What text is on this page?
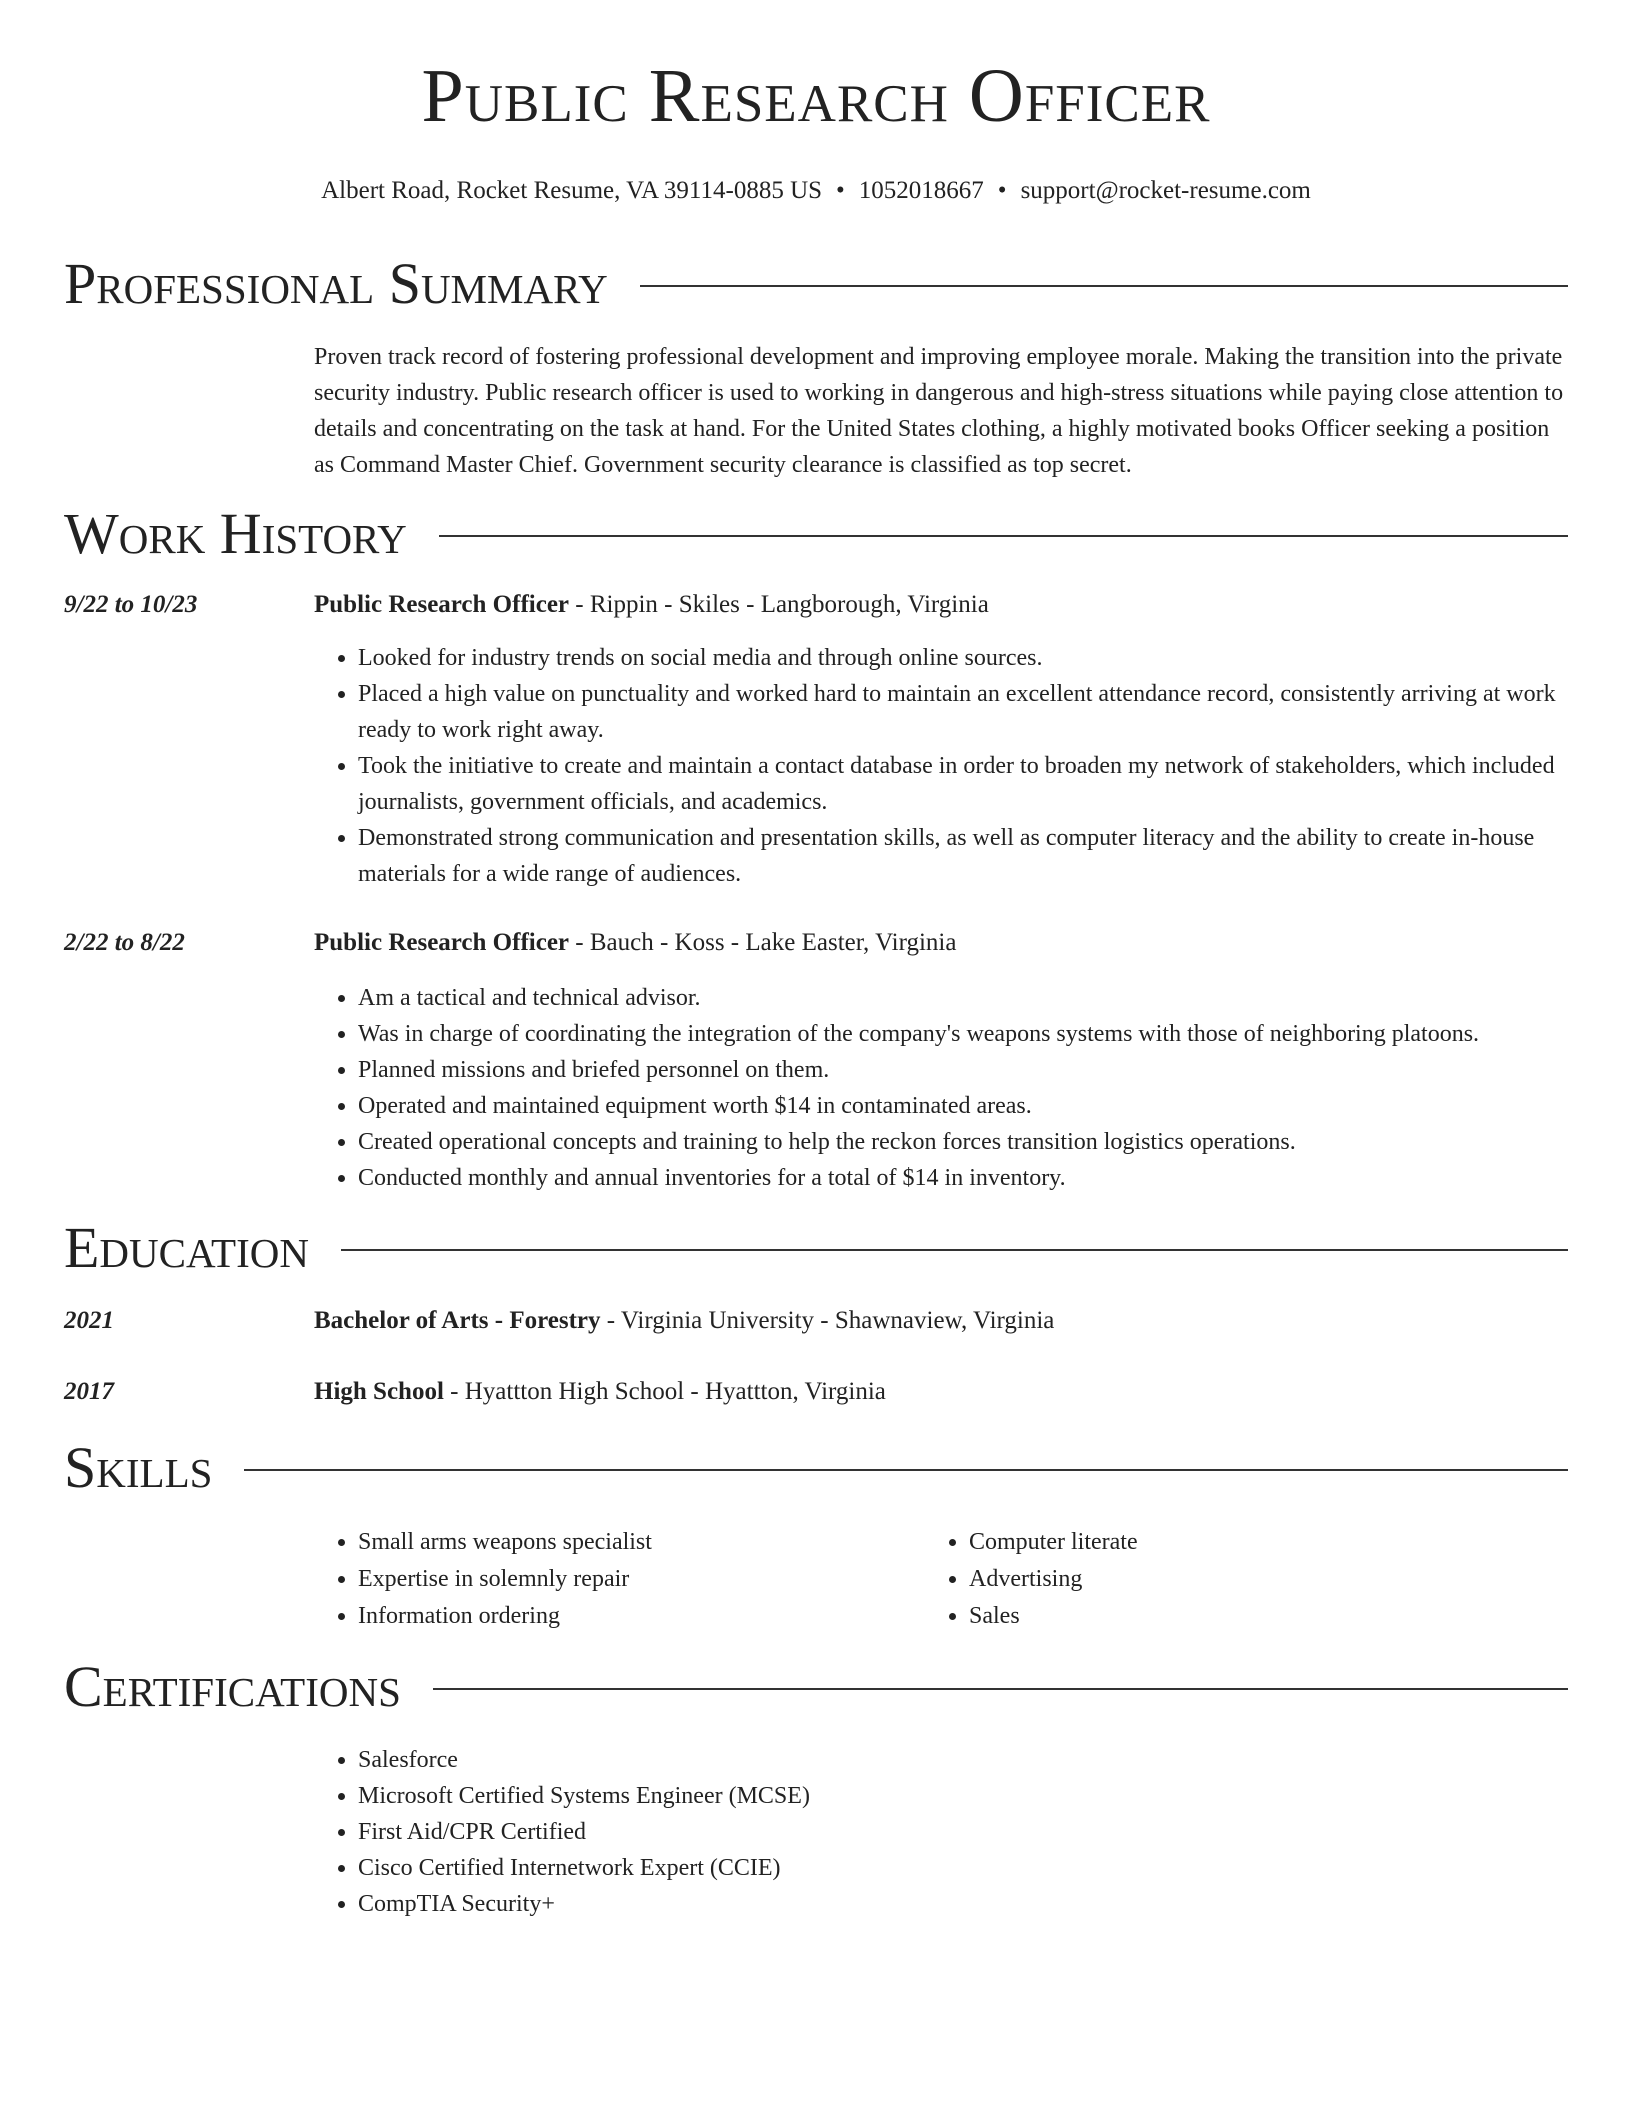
Public Research Officer
Albert Road, Rocket Resume, VA 39114-0885 US • 1052018667 • support@rocket-resume.com
Professional Summary

Proven track record of fostering professional development and improving employee morale. Making the transition into the private security industry. Public research officer is used to working in dangerous and high-stress situations while paying close attention to details and concentrating on the task at hand. For the United States clothing, a highly motivated books Officer seeking a position as Command Master Chief. Government security clearance is classified as top secret.

Work History
9/22 to 10/23	Public Research Officer - Rippin - Skiles - Langborough, Virginia
• Looked for industry trends on social media and through online sources.
• Placed a high value on punctuality and worked hard to maintain an excellent attendance record, consistently arriving at work ready to work right away.
• Took the initiative to create and maintain a contact database in order to broaden my network of stakeholders, which included journalists, government officials, and academics.
• Demonstrated strong communication and presentation skills, as well as computer literacy and the ability to create in-house materials for a wide range of audiences.
2/22 to 8/22	Public Research Officer - Bauch - Koss - Lake Easter, Virginia
• Am a tactical and technical advisor.
• Was in charge of coordinating the integration of the company's weapons systems with those of neighboring platoons.
• Planned missions and briefed personnel on them.
• Operated and maintained equipment worth $14 in contaminated areas.
• Created operational concepts and training to help the reckon forces transition logistics operations.
• Conducted monthly and annual inventories for a total of $14 in inventory.
Education
2021	Bachelor of Arts - Forestry - Virginia University - Shawnaview, Virginia
2017	High School - Hyattton High School - Hyattton, Virginia
Skills
• Small arms weapons specialist
• Expertise in solemnly repair
• Information ordering
• Computer literate
• Advertising
• Sales
Certifications
• Salesforce
• Microsoft Certified Systems Engineer (MCSE)
• First Aid/CPR Certified
• Cisco Certified Internetwork Expert (CCIE)
• CompTIA Security+
